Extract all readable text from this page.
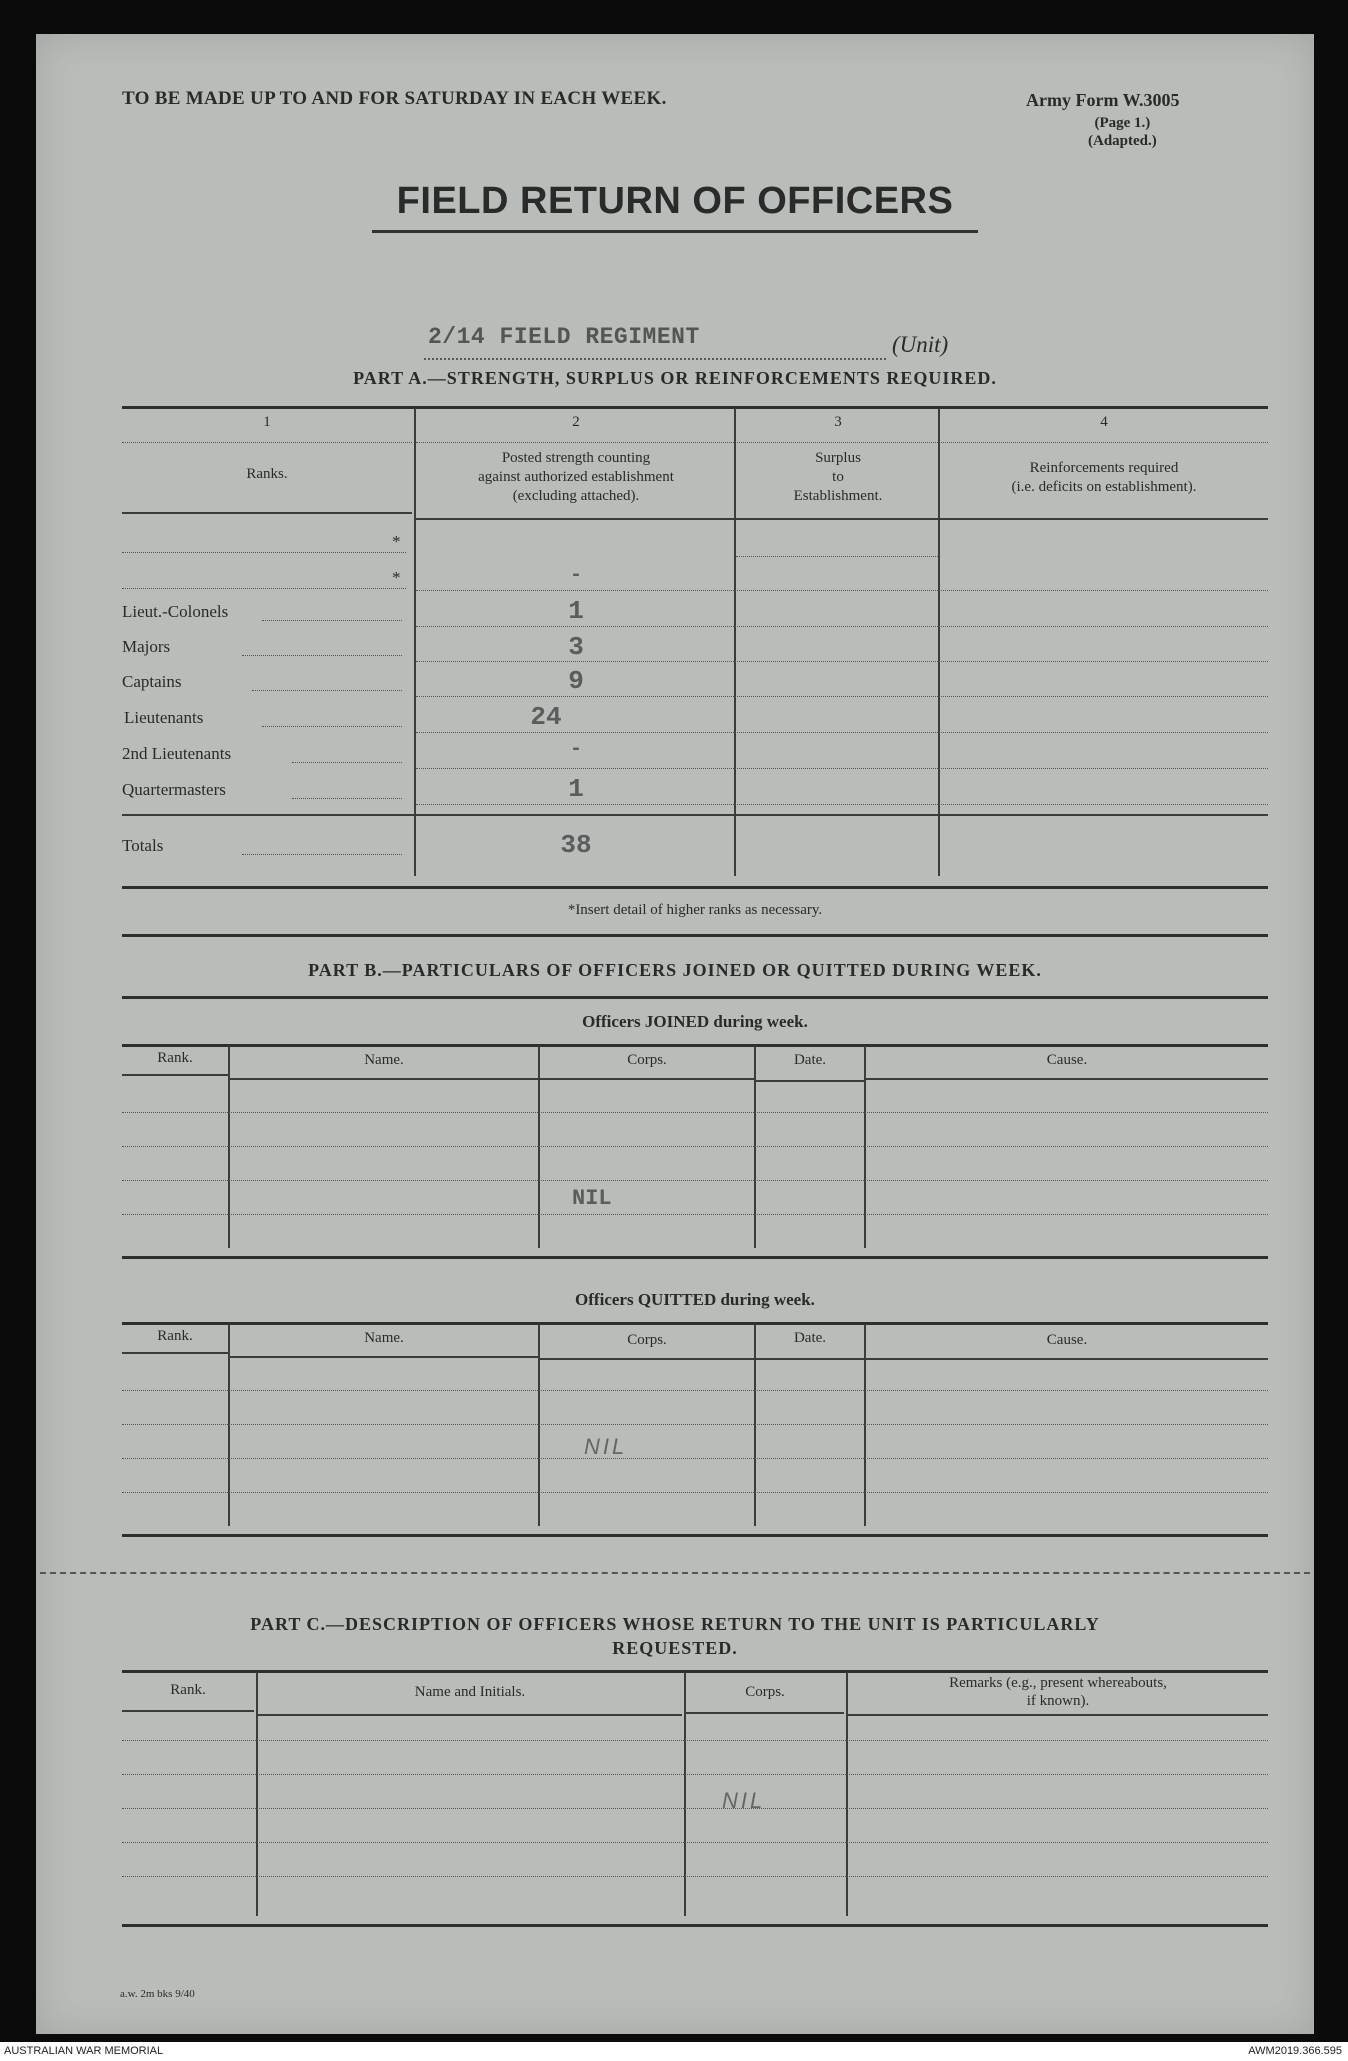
TO BE MADE UP TO AND FOR SATURDAY IN EACH WEEK.	Army Form W.3005
(Page 1.)
(Adapted.)
FIELD RETURN OF OFFICERS
2/14 FIELD REGIMENT	(Unit)
PART A.—STRENGTH, SURPLUS OR REINFORCEMENTS REQUIRED.
1	2	3	4
Ranks.
Posted strength counting
against authorized establishment
(excluding attached).
Surplus
to
Establishment.
Reinforcements required
(i.e. deficits on establishment).
*
*	-
Lieut.-Colonels	1
Majors	3
Captains	9
Lieutenants	24
2nd Lieutenants	-
Quartermasters	1
Totals	38
*Insert detail of higher ranks as necessary.
PART B.—PARTICULARS OF OFFICERS JOINED OR QUITTED DURING WEEK.
Officers JOINED during week.
Rank.	Name.	Corps.	Date.	Cause.
NIL
Officers QUITTED during week.
Rank.	Name.	Corps.	Date.	Cause.
NIL
PART C.—DESCRIPTION OF OFFICERS WHOSE RETURN TO THE UNIT IS PARTICULARLY
REQUESTED.
Rank.	Name and Initials.	Corps.
Remarks (e.g., present whereabouts,
if known).
NIL
a.w. 2m bks 9/40
AUSTRALIAN WAR MEMORIAL	AWM2019.366.595
